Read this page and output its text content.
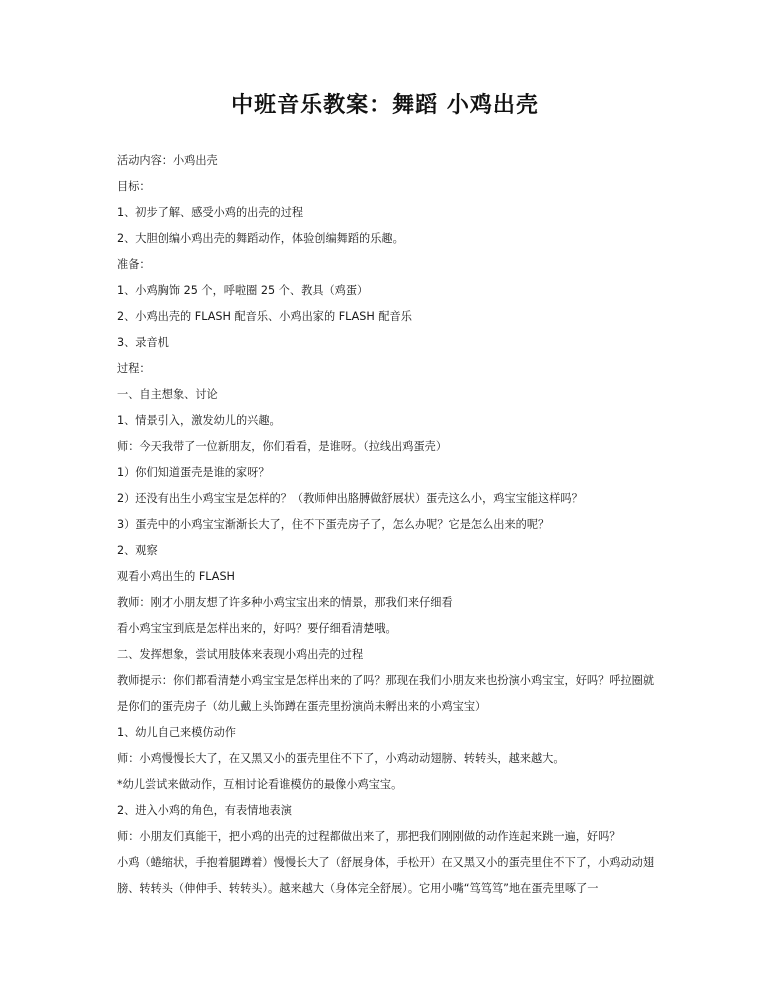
中班音乐教案：舞蹈 小鸡出壳

活动内容：小鸡出壳

目标：

1、初步了解、感受小鸡的出壳的过程

2、大胆创编小鸡出壳的舞蹈动作，体验创编舞蹈的乐趣。

准备：

1、小鸡胸饰 25 个，呼啦圈 25 个、教具（鸡蛋）

2、小鸡出壳的 FLASH 配音乐、小鸡出家的 FLASH 配音乐

3、录音机

过程：

一、自主想象、讨论

1、情景引入，激发幼儿的兴趣。

师：今天我带了一位新朋友，你们看看，是谁呀。（拉线出鸡蛋壳）

1）你们知道蛋壳是谁的家呀？

2）还没有出生小鸡宝宝是怎样的？（教师伸出胳膊做舒展状）蛋壳这么小，鸡宝宝能这样吗？

3）蛋壳中的小鸡宝宝渐渐长大了，住不下蛋壳房子了，怎么办呢？它是怎么出来的呢？

2、观察

观看小鸡出生的 FLASH

教师：刚才小朋友想了许多种小鸡宝宝出来的情景，那我们来仔细看

看小鸡宝宝到底是怎样出来的，好吗？要仔细看清楚哦。

二、发挥想象，尝试用肢体来表现小鸡出壳的过程

教师提示：你们都看清楚小鸡宝宝是怎样出来的了吗？那现在我们小朋友来也扮演小鸡宝宝，好吗？呼拉圈就是你们的蛋壳房子（幼儿戴上头饰蹲在蛋壳里扮演尚未孵出来的小鸡宝宝）

1、幼儿自己来模仿动作

师：小鸡慢慢长大了，在又黑又小的蛋壳里住不下了，小鸡动动翅膀、转转头，越来越大。

*幼儿尝试来做动作，互相讨论看谁模仿的最像小鸡宝宝。

2、进入小鸡的角色，有表情地表演

师：小朋友们真能干，把小鸡的出壳的过程都做出来了，那把我们刚刚做的动作连起来跳一遍，好吗？

小鸡（蜷缩状，手抱着腿蹲着）慢慢长大了（舒展身体，手松开）在又黑又小的蛋壳里住不下了，小鸡动动翅膀、转转头（伸伸手、转转头）。越来越大（身体完全舒展）。它用小嘴“笃笃笃”地在蛋壳里啄了一
